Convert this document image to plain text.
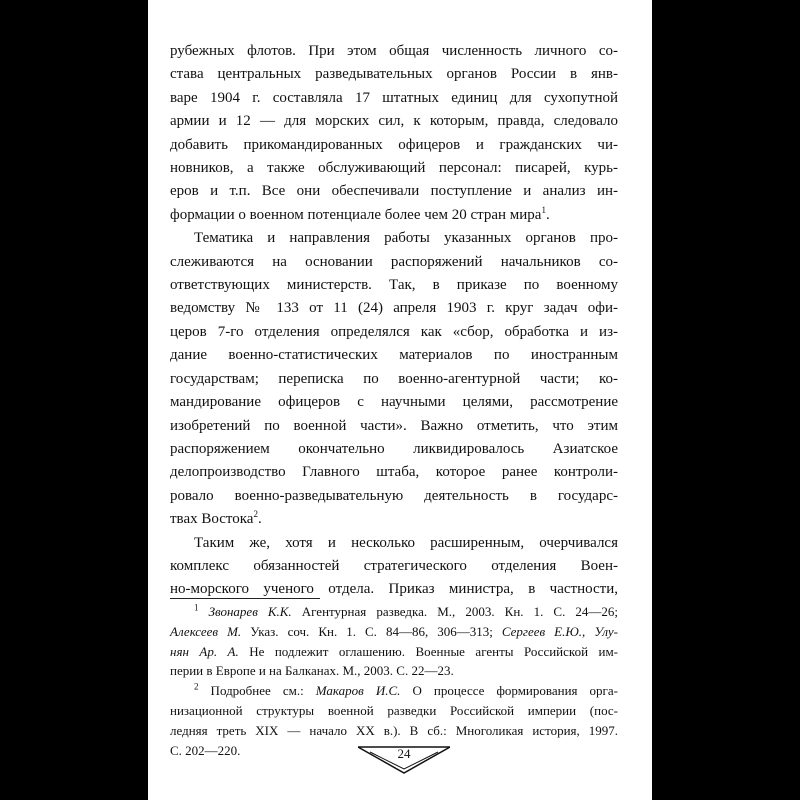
рубежных флотов. При этом общая численность личного со-
става центральных разведывательных органов России в янв-
варе 1904 г. составляла 17 штатных единиц для сухопутной
армии и 12 — для морских сил, к которым, правда, следовало
добавить прикомандированных офицеров и гражданских чи-
новников, а также обслуживающий персонал: писарей, курь-
еров и т.п. Все они обеспечивали поступление и анализ ин-
формации о военном потенциале более чем 20 стран мира$^1$.

Тематика и направления работы указанных органов про-
слеживаются на основании распоряжений начальников со-
ответствующих министерств. Так, в приказе по военному
ведомству № 133 от 11 (24) апреля 1903 г. круг задач офи-
церов 7-го отделения определялся как «сбор, обработка и из-
дание военно-статистических материалов по иностранным
государствам; переписка по военно-агентурной части; ко-
мандирование офицеров с научными целями, рассмотрение
изобретений по военной части». Важно отметить, что этим
распоряжением окончательно ликвидировалось Азиатское
делопроизводство Главного штаба, которое ранее контроли-
ровало военно-разведывательную деятельность в государс-
твах Востока$^2$.

Таким же, хотя и несколько расширенным, очерчивался
комплекс обязанностей стратегического отделения Воен-
но-морского ученого отдела. Приказ министра, в частности,

$^1$ Звонарев К.К. Агентурная разведка. М., 2003. Кн. 1. С. 24—26;
Алексеев М. Указ. соч. Кн. 1. С. 84—86, 306—313; Сергеев Е.Ю., Улу-
нян Ар. А. Не подлежит оглашению. Военные агенты Российской им-
перии в Европе и на Балканах. М., 2003. С. 22—23.
$^2$ Подробнее см.: Макаров И.С. О процессе формирования орга-
низационной структуры военной разведки Российской империи (пос-
ледняя треть XIX — начало XX в.). В сб.: Многоликая история, 1997.
С. 202—220.	24
